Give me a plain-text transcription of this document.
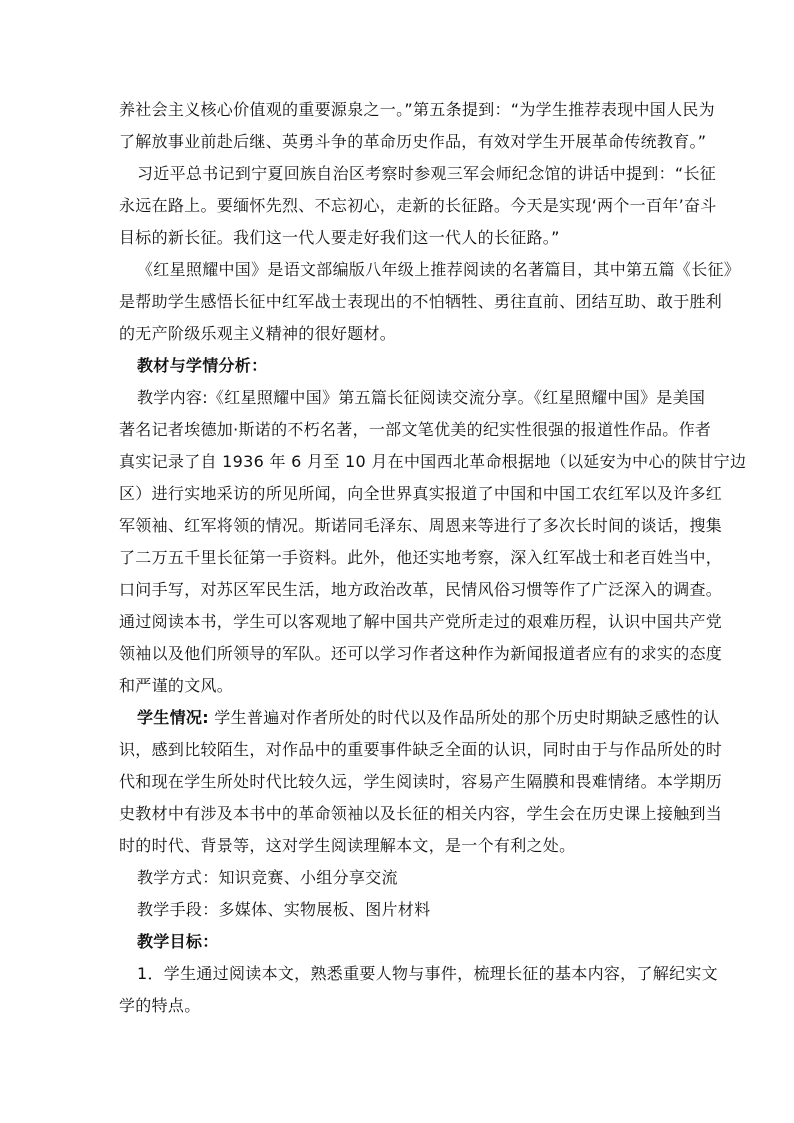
养社会主义核心价值观的重要源泉之一。”第五条提到：“为学生推荐表现中国人民为
了解放事业前赴后继、英勇斗争的革命历史作品，有效对学生开展革命传统教育。”
习近平总书记到宁夏回族自治区考察时参观三军会师纪念馆的讲话中提到：“长征
永远在路上。要缅怀先烈、不忘初心，走新的长征路。今天是实现‘两个一百年’奋斗
目标的新长征。我们这一代人要走好我们这一代人的长征路。”
《红星照耀中国》是语文部编版八年级上推荐阅读的名著篇目，其中第五篇《长征》
是帮助学生感悟长征中红军战士表现出的不怕牺牲、勇往直前、团结互助、敢于胜利
的无产阶级乐观主义精神的很好题材。
教材与学情分析：
教学内容:《红星照耀中国》第五篇长征阅读交流分享。《红星照耀中国》是美国
著名记者埃德加·斯诺的不朽名著，一部文笔优美的纪实性很强的报道性作品。作者
真实记录了自 1936 年 6 月至 10 月在中国西北革命根据地（以延安为中心的陕甘宁边
区）进行实地采访的所见所闻，向全世界真实报道了中国和中国工农红军以及许多红
军领袖、红军将领的情况。斯诺同毛泽东、周恩来等进行了多次长时间的谈话，搜集
了二万五千里长征第一手资料。此外，他还实地考察，深入红军战士和老百姓当中，
口问手写，对苏区军民生活，地方政治改革，民情风俗习惯等作了广泛深入的调查。
通过阅读本书，学生可以客观地了解中国共产党所走过的艰难历程，认识中国共产党
领袖以及他们所领导的军队。还可以学习作者这种作为新闻报道者应有的求实的态度
和严谨的文风。
学生情况: 学生普遍对作者所处的时代以及作品所处的那个历史时期缺乏感性的认
识，感到比较陌生，对作品中的重要事件缺乏全面的认识，同时由于与作品所处的时
代和现在学生所处时代比较久远，学生阅读时，容易产生隔膜和畏难情绪。本学期历
史教材中有涉及本书中的革命领袖以及长征的相关内容，学生会在历史课上接触到当
时的时代、背景等，这对学生阅读理解本文，是一个有利之处。
教学方式：知识竞赛、小组分享交流
教学手段：多媒体、实物展板、图片材料
教学目标：
1．学生通过阅读本文，熟悉重要人物与事件，梳理长征的基本内容，了解纪实文
学的特点。
